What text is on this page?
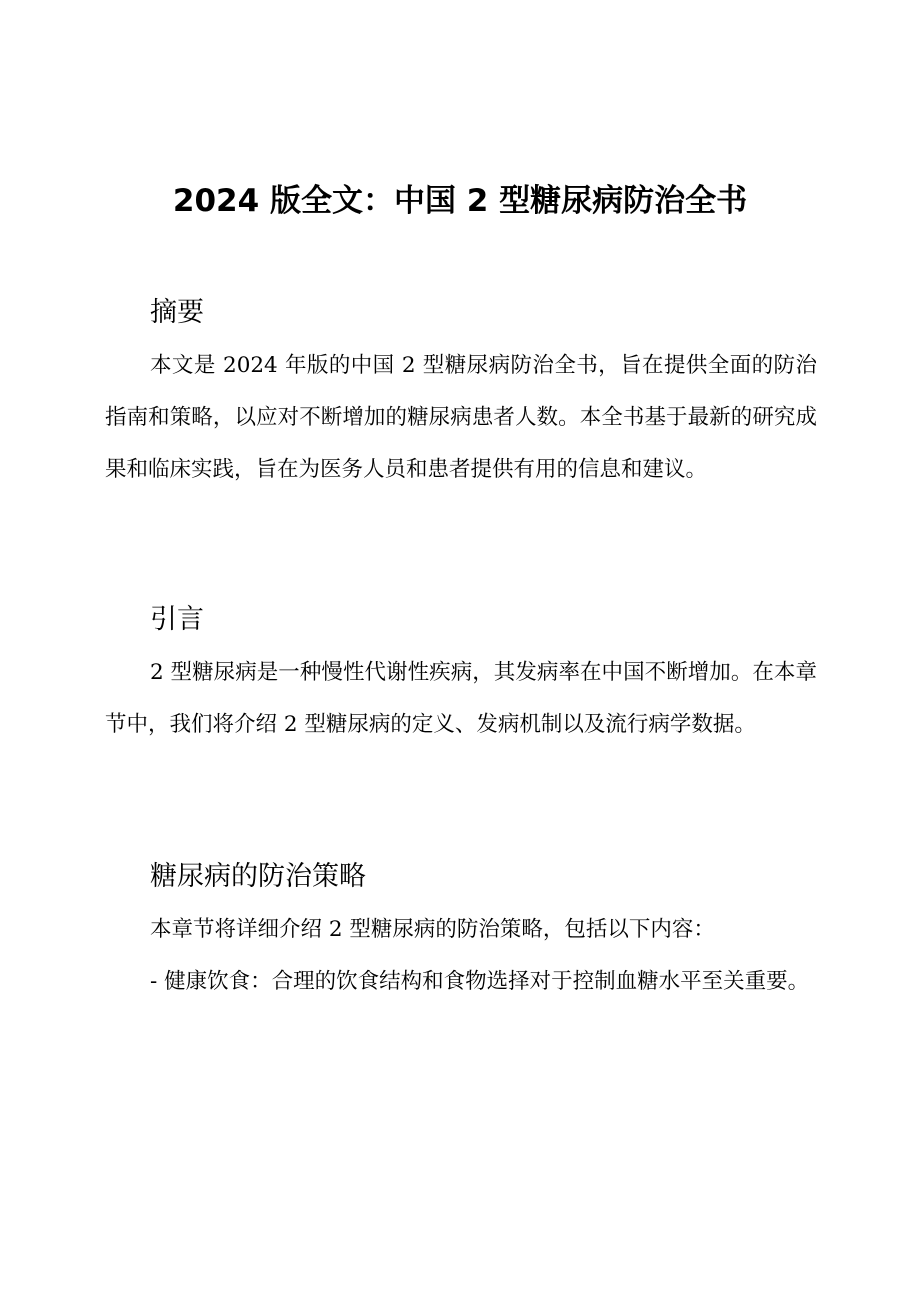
2024 版全文：中国 2 型糖尿病防治全书
摘要

本文是 2024 年版的中国 2 型糖尿病防治全书，旨在提供全面的防治指南和策略，以应对不断增加的糖尿病患者人数。本全书基于最新的研究成果和临床实践，旨在为医务人员和患者提供有用的信息和建议。

引言

2 型糖尿病是一种慢性代谢性疾病，其发病率在中国不断增加。在本章节中，我们将介绍 2 型糖尿病的定义、发病机制以及流行病学数据。

糖尿病的防治策略

本章节将详细介绍 2 型糖尿病的防治策略，包括以下内容：

- 健康饮食：合理的饮食结构和食物选择对于控制血糖水平至关重要。
